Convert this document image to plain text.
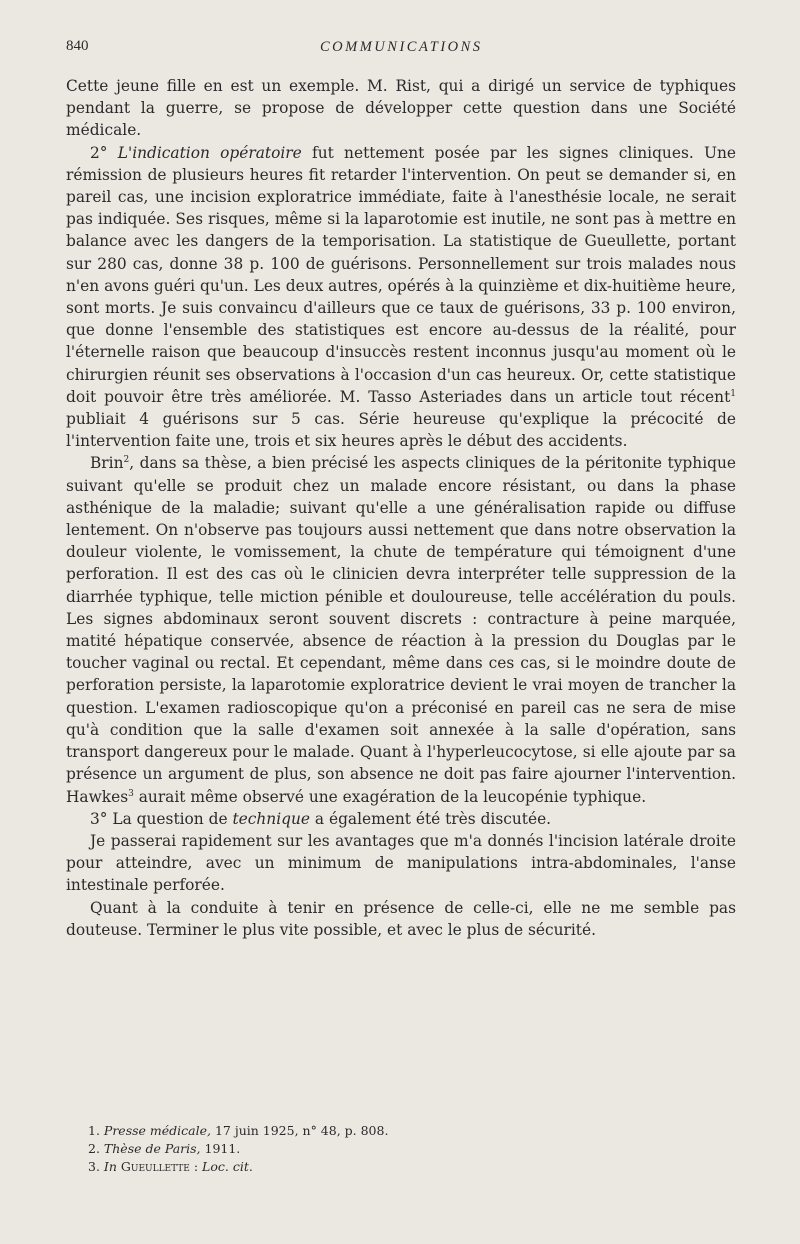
840	COMMUNICATIONS

Cette jeune fille en est un exemple. M. Rist, qui a dirigé un service de typhiques pendant la guerre, se propose de développer cette question dans une Société médicale.

2° L'indication opératoire fut nettement posée par les signes cliniques. Une rémission de plusieurs heures fit retarder l'intervention. On peut se demander si, en pareil cas, une incision exploratrice immédiate, faite à l'anesthésie locale, ne serait pas indiquée. Ses risques, même si la laparotomie est inutile, ne sont pas à mettre en balance avec les dangers de la temporisation. La statistique de Gueullette, portant sur 280 cas, donne 38 p. 100 de guérisons. Personnellement sur trois malades nous n'en avons guéri qu'un. Les deux autres, opérés à la quinzième et dix-huitième heure, sont morts. Je suis convaincu d'ailleurs que ce taux de guérisons, 33 p. 100 environ, que donne l'ensemble des statistiques est encore au-dessus de la réalité, pour l'éternelle raison que beaucoup d'insuccès restent inconnus jusqu'au moment où le chirurgien réunit ses observations à l'occasion d'un cas heureux. Or, cette statistique doit pouvoir être très améliorée. M. Tasso Asteriades dans un article tout récent$^1$ publiait 4 guérisons sur 5 cas. Série heureuse qu'explique la précocité de l'intervention faite une, trois et six heures après le début des accidents.

Brin$^2$, dans sa thèse, a bien précisé les aspects cliniques de la péritonite typhique suivant qu'elle se produit chez un malade encore résistant, ou dans la phase asthénique de la maladie; suivant qu'elle a une généralisation rapide ou diffuse lentement. On n'observe pas toujours aussi nettement que dans notre observation la douleur violente, le vomissement, la chute de température qui témoignent d'une perforation. Il est des cas où le clinicien devra interpréter telle suppression de la diarrhée typhique, telle miction pénible et douloureuse, telle accélération du pouls. Les signes abdominaux seront souvent discrets : contracture à peine marquée, matité hépatique conservée, absence de réaction à la pression du Douglas par le toucher vaginal ou rectal. Et cependant, même dans ces cas, si le moindre doute de perforation persiste, la laparotomie exploratrice devient le vrai moyen de trancher la question. L'examen radioscopique qu'on a préconisé en pareil cas ne sera de mise qu'à condition que la salle d'examen soit annexée à la salle d'opération, sans transport dangereux pour le malade. Quant à l'hyperleucocytose, si elle ajoute par sa présence un argument de plus, son absence ne doit pas faire ajourner l'intervention. Hawkes$^3$ aurait même observé une exagération de la leucopénie typhique.

3° La question de technique a également été très discutée.

Je passerai rapidement sur les avantages que m'a donnés l'incision latérale droite pour atteindre, avec un minimum de manipulations intra-abdominales, l'anse intestinale perforée.

Quant à la conduite à tenir en présence de celle-ci, elle ne me semble pas douteuse. Terminer le plus vite possible, et avec le plus de sécurité.

1. Presse médicale, 17 juin 1925, n° 48, p. 808.
2. Thèse de Paris, 1911.
3. In Gueullette : Loc. cit.
